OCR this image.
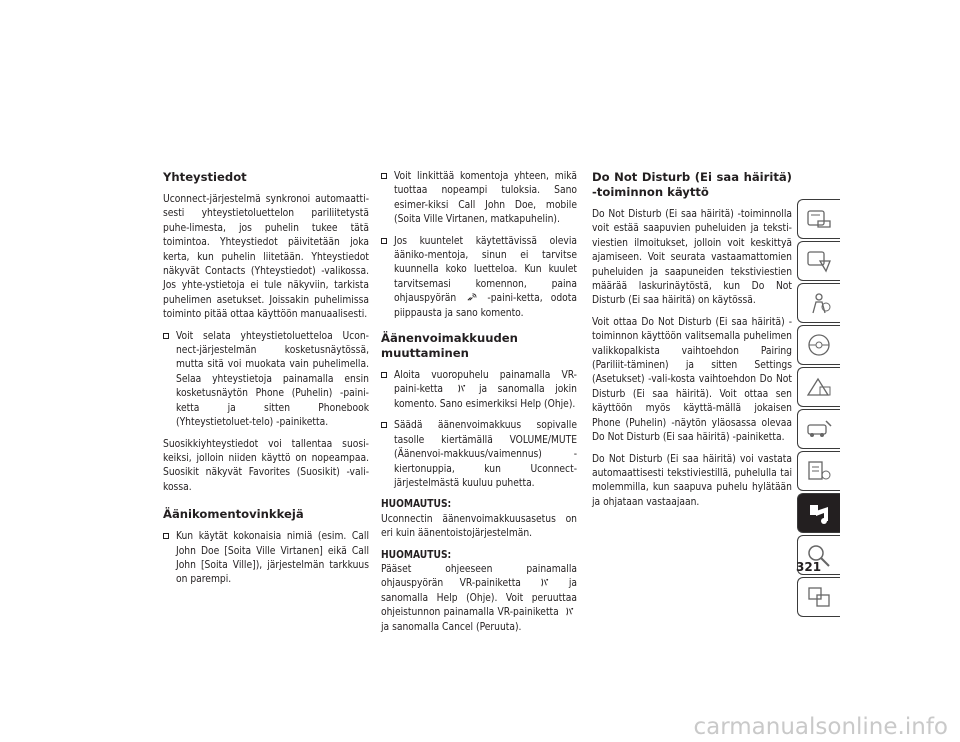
Yhteystiedot

Uconnect-järjestelmä synkronoi automaatti-sesti yhteystietoluettelon pariliitetystä puhe-limesta, jos puhelin tukee tätä toimintoa. Yhteystiedot päivitetään joka kerta, kun puhelin liitetään. Yhteystiedot näkyvät Contacts (Yhteystiedot) -valikossa. Jos yhte-ystietoja ei tule näkyviin, tarkista puhelimen asetukset. Joissakin puhelimissa toiminto pitää ottaa käyttöön manuaalisesti.

Voit selata yhteystietoluetteloa Ucon-nect-järjestelmän kosketusnäytössä, mutta sitä voi muokata vain puhelimella. Selaa yhteystietoja painamalla ensin kosketusnäytön Phone (Puhelin) -paini-ketta ja sitten Phonebook (Yhteystietoluet-telo) -painiketta.

Suosikkiyhteystiedot voi tallentaa suosi-keiksi, jolloin niiden käyttö on nopeampaa. Suosikit näkyvät Favorites (Suosikit) -vali-kossa.

Äänikomentovinkkejä
Kun käytät kokonaisia nimiä (esim. Call John Doe [Soita Ville Virtanen] eikä Call John [Soita Ville]), järjestelmän tarkkuus on parempi.
Voit linkittää komentoja yhteen, mikä tuottaa nopeampi tuloksia. Sano esimer-kiksi Call John Doe, mobile (Soita Ville Virtanen, matkapuhelin).
Jos kuuntelet käytettävissä olevia ääniko-mentoja, sinun ei tarvitse kuunnella koko luetteloa. Kun kuulet tarvitsemasi komennon, paina ohjauspyörän	-paini-ketta, odota piippausta ja sano komento.
Äänenvoimakkuuden muuttaminen
Aloita vuoropuhelu painamalla VR-paini-ketta	ja sanomalla jokin komento. Sano esimerkiksi Help (Ohje).
Säädä äänenvoimakkuus sopivalle tasolle kiertämällä VOLUME/MUTE (Äänenvoi-makkuus/vaimennus) -kiertonuppia, kun Uconnect-järjestelmästä kuuluu puhetta.
HUOMAUTUS:
Uconnectin äänenvoimakkuusasetus on eri kuin äänentoistojärjestelmän.
HUOMAUTUS:
Pääset ohjeeseen painamalla ohjauspyörän VR-painiketta	ja sanomalla Help (Ohje). Voit peruuttaa ohjeistunnon painamalla VR-painiketta  ja sanomalla Cancel (Peruuta).
Do Not Disturb (Ei saa häiritä) -toiminnon käyttö

Do Not Disturb (Ei saa häiritä) -toiminnolla voit estää saapuvien puheluiden ja teksti-viestien ilmoitukset, jolloin voit keskittyä ajamiseen. Voit seurata vastaamattomien puheluiden ja saapuneiden tekstiviestien määrää laskurinäytöstä, kun Do Not Disturb (Ei saa häiritä) on käytössä.

Voit ottaa Do Not Disturb (Ei saa häiritä) -toiminnon käyttöön valitsemalla puhelimen valikkopalkista vaihtoehdon Pairing (Pariliit-täminen) ja sitten Settings (Asetukset) -vali-kosta vaihtoehdon Do Not Disturb (Ei saa häiritä). Voit ottaa sen käyttöön myös käyttä-mällä jokaisen Phone (Puhelin) -näytön yläosassa olevaa Do Not Disturb (Ei saa häiritä) -painiketta.

Do Not Disturb (Ei saa häiritä) voi vastata automaattisesti tekstiviestillä, puhelulla tai molemmilla, kun saapuva puhelu hylätään ja ohjataan vastaajaan.

321
carmanualsonline.info
